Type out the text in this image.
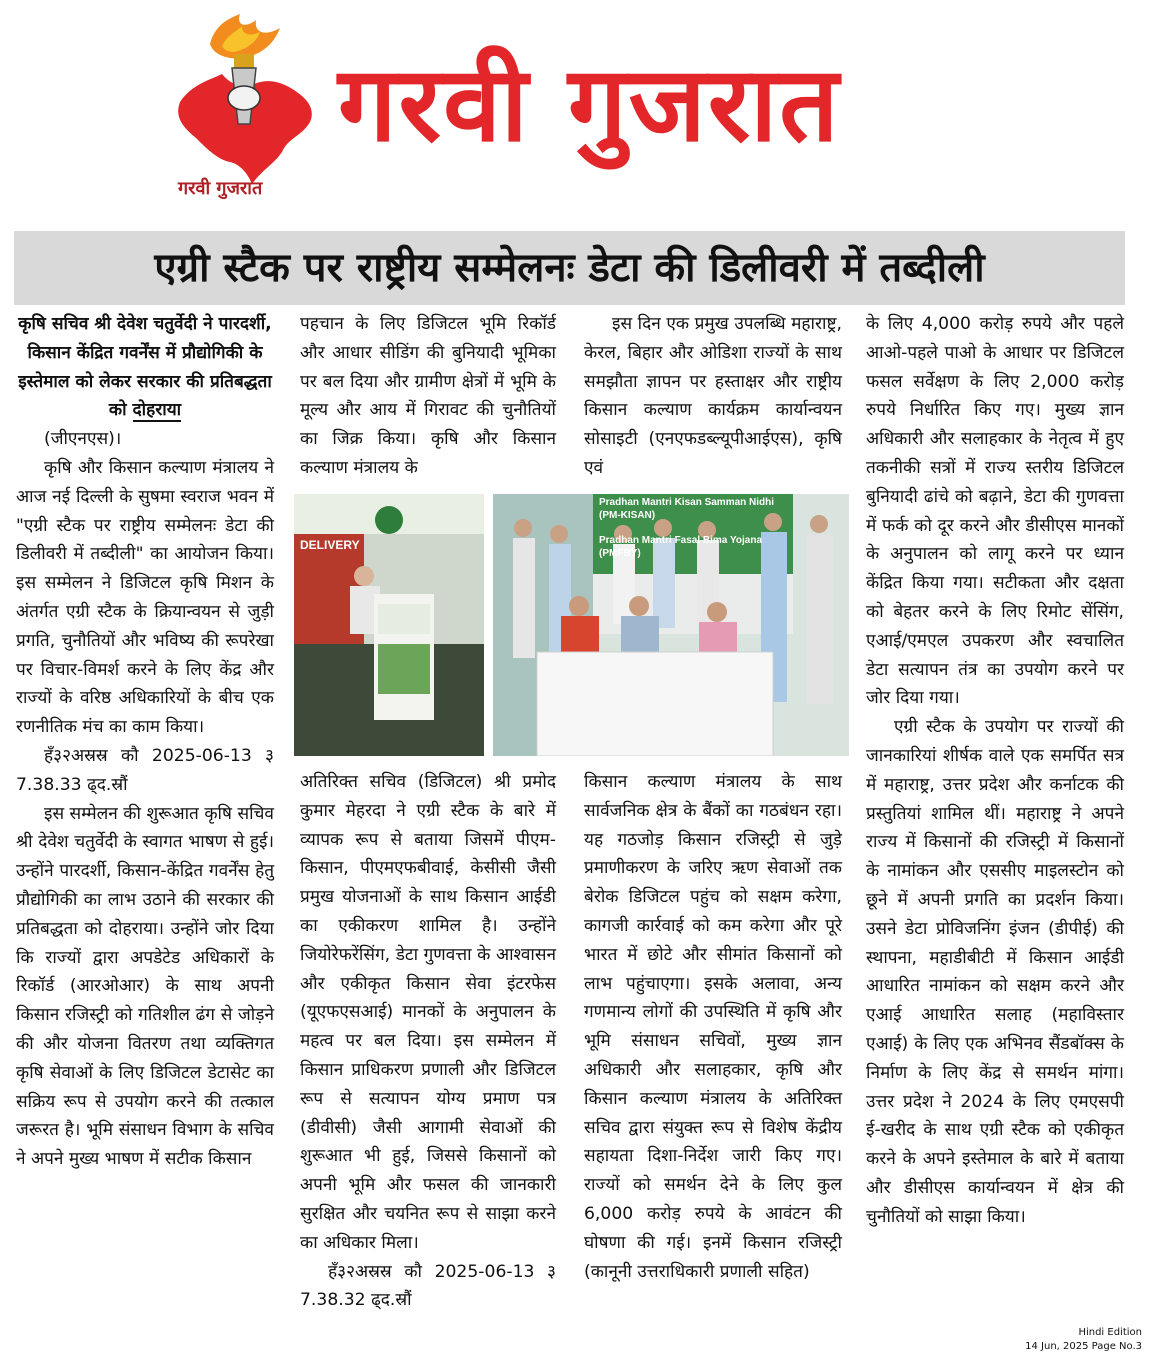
गरवी गुजरात
गरवी गुजरात
एग्री स्टैक पर राष्ट्रीय सम्मेलनः डेटा की डिलीवरी में तब्दीली

कृषि सचिव श्री देवेश चतुर्वेदी ने पारदर्शी, किसान केंद्रित गवर्नेंस में प्रौद्योगिकी के इस्तेमाल को लेकर सरकार की प्रतिबद्धता को दोहराया

(जीएनएस)।

कृषि और किसान कल्याण मंत्रालय ने आज नई दिल्ली के सुषमा स्वराज भवन में "एग्री स्टैक पर राष्ट्रीय सम्मेलनः डेटा की डिलीवरी में तब्दीली" का आयोजन किया। इस सम्मेलन ने डिजिटल कृषि मिशन के अंतर्गत एग्री स्टैक के क्रियान्वयन से जुड़ी प्रगति, चुनौतियों और भविष्य की रूपरेखा पर विचार-विमर्श करने के लिए केंद्र और राज्यों के वरिष्ठ अधिकारियों के बीच एक रणनीतिक मंच का काम किया।

हँ३२अस्रस्र कौ 2025-06-13 ३ 7.38.33 ढ्द.स्रौं

इस सम्मेलन की शुरूआत कृषि सचिव श्री देवेश चतुर्वेदी के स्वागत भाषण से हुई। उन्होंने पारदर्शी, किसान-केंद्रित गवर्नेंस हेतु प्रौद्योगिकी का लाभ उठाने की सरकार की प्रतिबद्धता को दोहराया। उन्होंने जोर दिया कि राज्यों द्वारा अपडेटेड अधिकारों के रिकॉर्ड (आरओआर) के साथ अपनी किसान रजिस्ट्री को गतिशील ढंग से जोड़ने की और योजना वितरण तथा व्यक्तिगत कृषि सेवाओं के लिए डिजिटल डेटासेट का सक्रिय रूप से उपयोग करने की तत्काल जरूरत है। भूमि संसाधन विभाग के सचिव ने अपने मुख्य भाषण में सटीक किसान

पहचान के लिए डिजिटल भूमि रिकॉर्ड और आधार सीडिंग की बुनियादी भूमिका पर बल दिया और ग्रामीण क्षेत्रों में भूमि के मूल्य और आय में गिरावट की चुनौतियों का जिक्र किया। कृषि और किसान कल्याण मंत्रालय के

इस दिन एक प्रमुख उपलब्धि महाराष्ट्र, केरल, बिहार और ओडिशा राज्यों के साथ समझौता ज्ञापन पर हस्ताक्षर और राष्ट्रीय किसान कल्याण कार्यक्रम कार्यान्वयन सोसाइटी (एनएफडब्ल्यूपीआईएस), कृषि एवं

के लिए 4,000 करोड़ रुपये और पहले आओ-पहले पाओ के आधार पर डिजिटल फसल सर्वेक्षण के लिए 2,000 करोड़ रुपये निर्धारित किए गए। मुख्य ज्ञान अधिकारी और सलाहकार के नेतृत्व में हुए तकनीकी सत्रों में राज्य स्तरीय डिजिटल बुनियादी ढांचे को बढ़ाने, डेटा की गुणवत्ता में फर्क को दूर करने और डीसीएस मानकों के अनुपालन को लागू करने पर ध्यान केंद्रित किया गया। सटीकता और दक्षता को बेहतर करने के लिए रिमोट सेंसिंग, एआई/एमएल उपकरण और स्वचालित डेटा सत्यापन तंत्र का उपयोग करने पर जोर दिया गया।

एग्री स्टैक के उपयोग पर राज्यों की जानकारियां शीर्षक वाले एक समर्पित सत्र में महाराष्ट्र, उत्तर प्रदेश और कर्नाटक की प्रस्तुतियां शामिल थीं। महाराष्ट्र ने अपने राज्य में किसानों की रजिस्ट्री में किसानों के नामांकन और एससीए माइलस्टोन को छूने में अपनी प्रगति का प्रदर्शन किया। उसने डेटा प्रोविजनिंग इंजन (डीपीई) की स्थापना, महाडीबीटी में किसान आईडी आधारित नामांकन को सक्षम करने और एआई आधारित सलाह (महाविस्तार एआई) के लिए एक अभिनव सैंडबॉक्स के निर्माण के लिए केंद्र से समर्थन मांगा। उत्तर प्रदेश ने 2024 के लिए एमएसपी ई-खरीद के साथ एग्री स्टैक को एकीकृत करने के अपने इस्तेमाल के बारे में बताया और डीसीएस कार्यान्वयन में क्षेत्र की चुनौतियों को साझा किया।

DELIVERY
Pradhan Mantri Kisan Samman Nidhi (PM-KISAN)
Pradhan Mantri Fasal Bima Yojana (PMFBY)

अतिरिक्त सचिव (डिजिटल) श्री प्रमोद कुमार मेहरदा ने एग्री स्टैक के बारे में व्यापक रूप से बताया जिसमें पीएम-किसान, पीएमएफबीवाई, केसीसी जैसी प्रमुख योजनाओं के साथ किसान आईडी का एकीकरण शामिल है। उन्होंने जियोरेफरेंसिंग, डेटा गुणवत्ता के आश्वासन और एकीकृत किसान सेवा इंटरफेस (यूएफएसआई) मानकों के अनुपालन के महत्व पर बल दिया। इस सम्मेलन में किसान प्राधिकरण प्रणाली और डिजिटल रूप से सत्यापन योग्य प्रमाण पत्र (डीवीसी) जैसी आगामी सेवाओं की शुरूआत भी हुई, जिससे किसानों को अपनी भूमि और फसल की जानकारी सुरक्षित और चयनित रूप से साझा करने का अधिकार मिला।

हँ३२अस्रस्र कौ 2025-06-13 ३ 7.38.32 ढ्द.स्रौं

किसान कल्याण मंत्रालय के साथ सार्वजनिक क्षेत्र के बैंकों का गठबंधन रहा। यह गठजोड़ किसान रजिस्ट्री से जुड़े प्रमाणीकरण के जरिए ऋण सेवाओं तक बेरोक डिजिटल पहुंच को सक्षम करेगा, कागजी कार्रवाई को कम करेगा और पूरे भारत में छोटे और सीमांत किसानों को लाभ पहुंचाएगा। इसके अलावा, अन्य गणमान्य लोगों की उपस्थिति में कृषि और भूमि संसाधन सचिवों, मुख्य ज्ञान अधिकारी और सलाहकार, कृषि और किसान कल्याण मंत्रालय के अतिरिक्त सचिव द्वारा संयुक्त रूप से विशेष केंद्रीय सहायता दिशा-निर्देश जारी किए गए। राज्यों को समर्थन देने के लिए कुल 6,000 करोड़ रुपये के आवंटन की घोषणा की गई। इनमें किसान रजिस्ट्री (कानूनी उत्तराधिकारी प्रणाली सहित)

Hindi Edition
14 Jun, 2025 Page No.3
